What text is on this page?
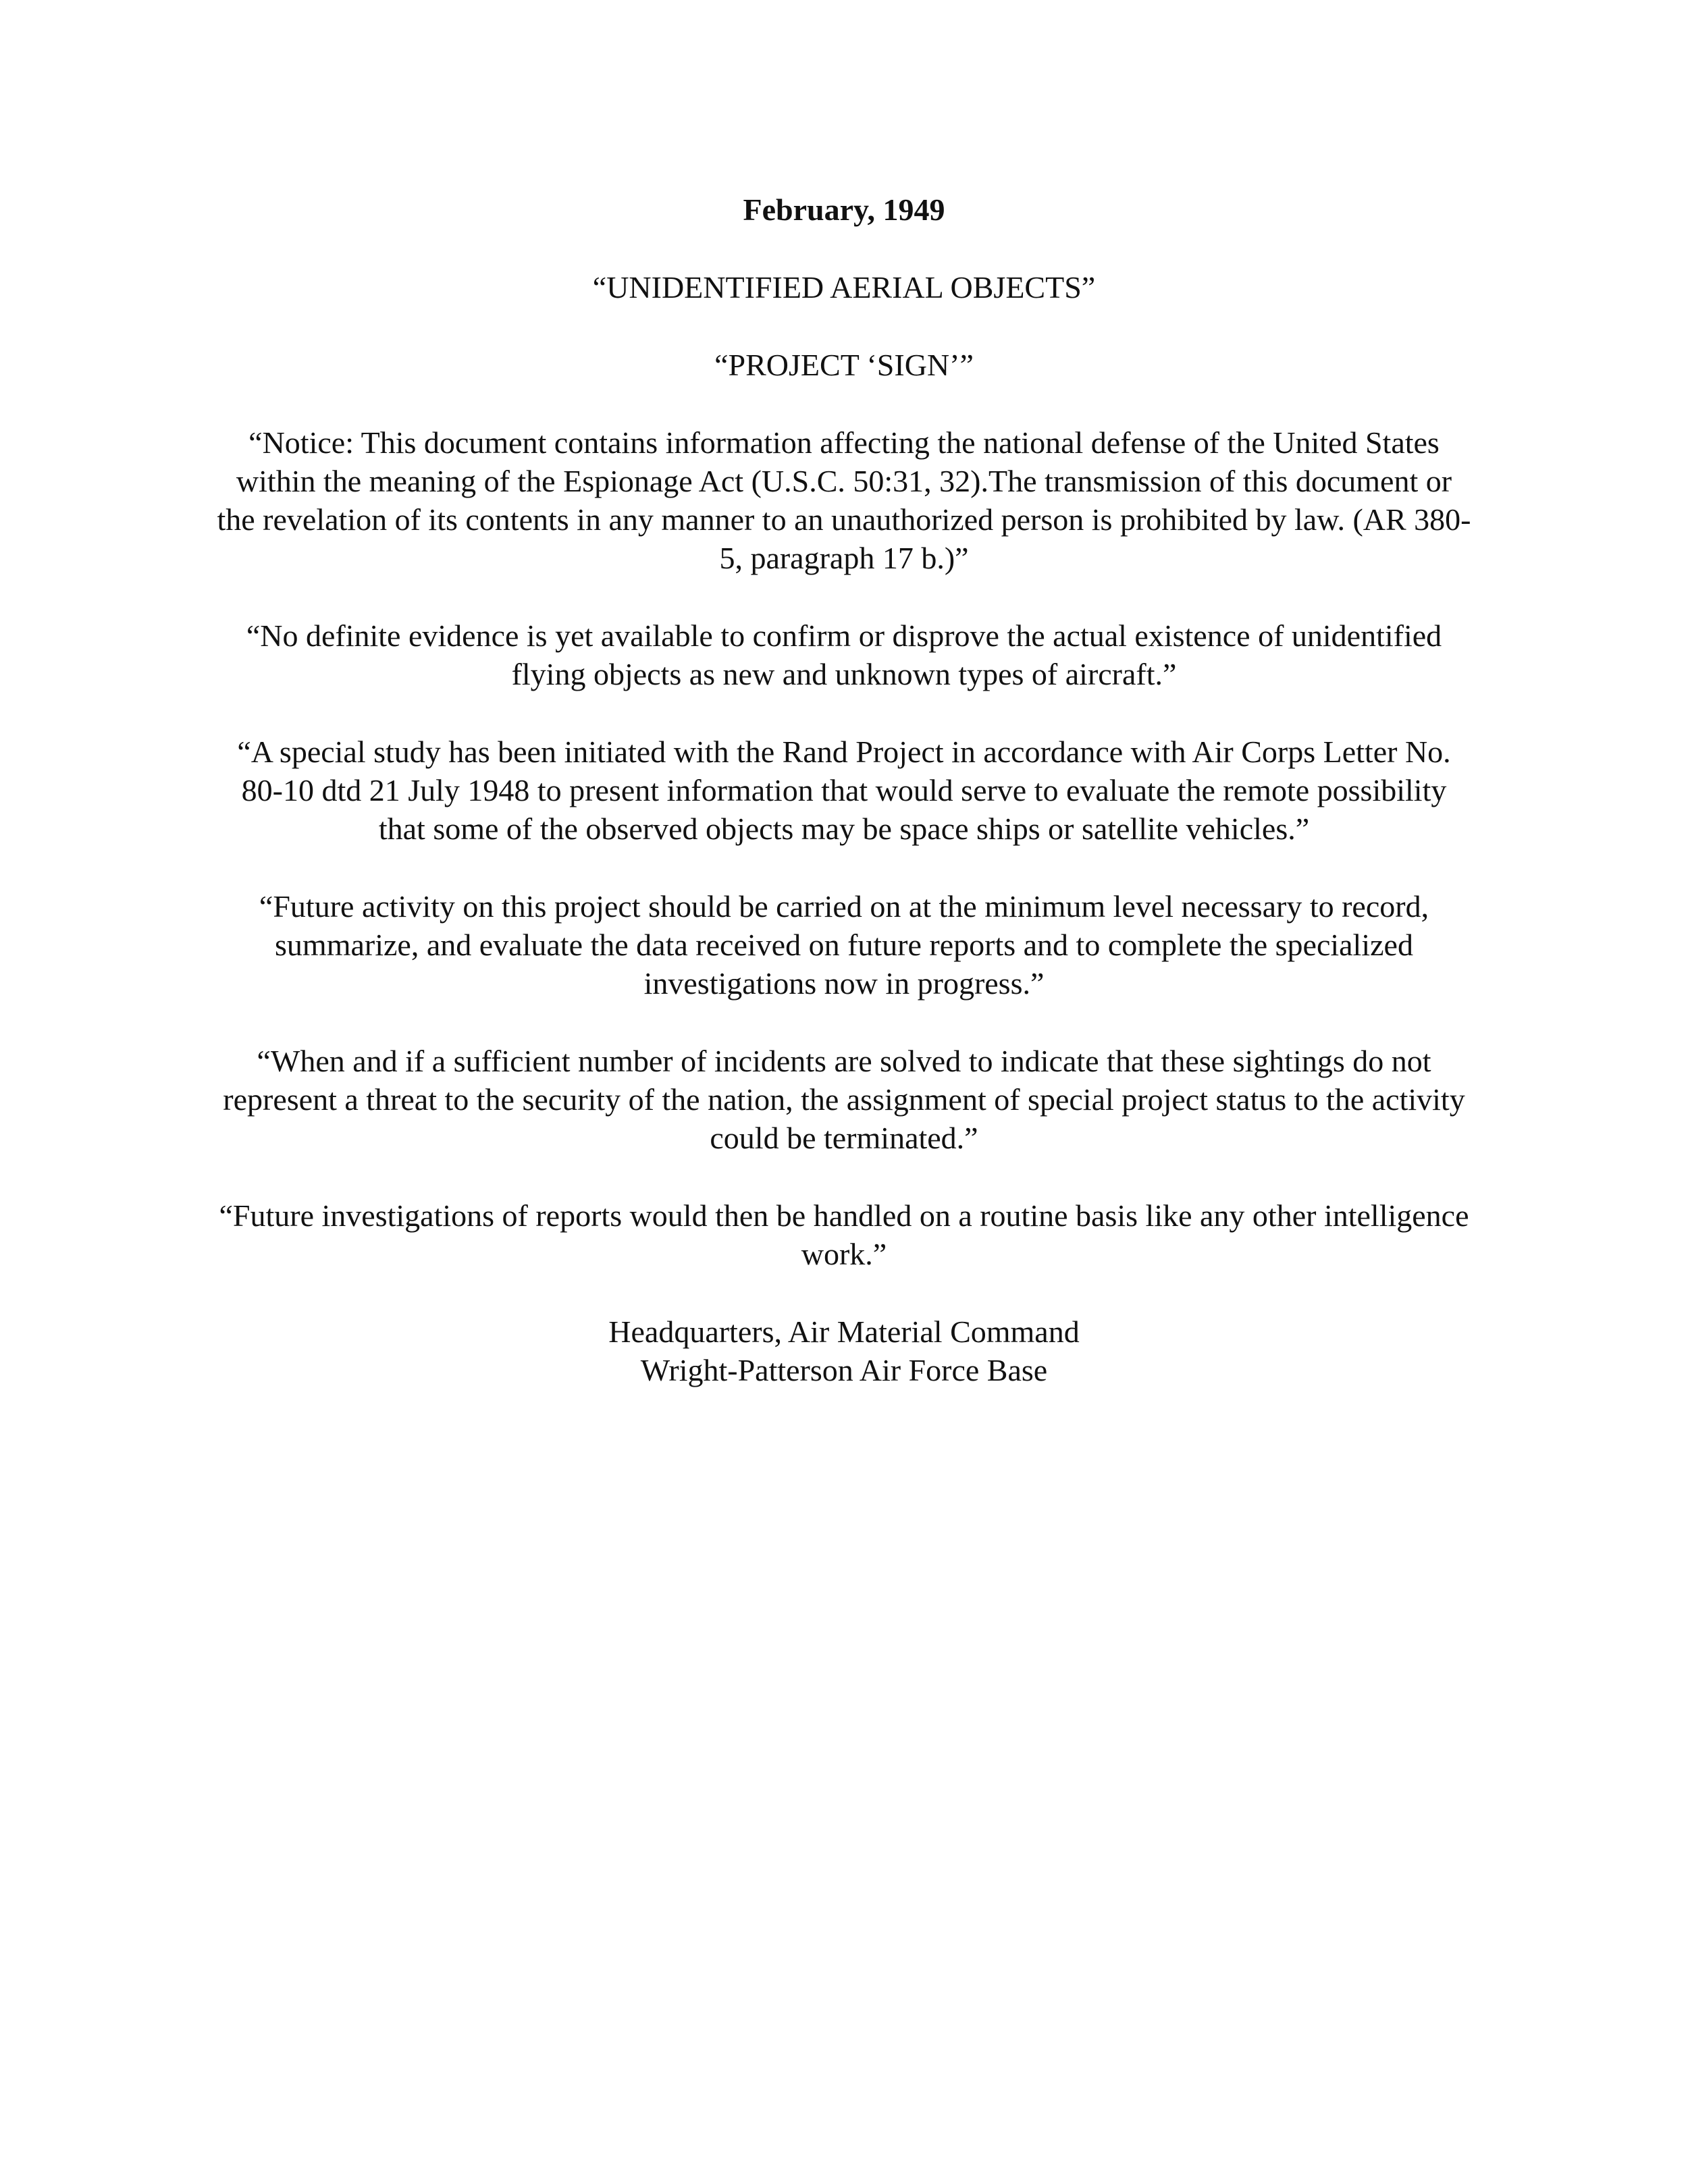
February, 1949

“UNIDENTIFIED AERIAL OBJECTS”

“PROJECT ‘SIGN’”

“Notice: This document contains information affecting the national defense of the United States within the meaning of the Espionage Act (U.S.C. 50:31, 32).The transmission of this document or the revelation of its contents in any manner to an unauthorized person is prohibited by law. (AR 380-5, paragraph 17 b.)”

“No definite evidence is yet available to confirm or disprove the actual existence of unidentified flying objects as new and unknown types of aircraft.”

“A special study has been initiated with the Rand Project in accordance with Air Corps Letter No. 80-10 dtd 21 July 1948 to present information that would serve to evaluate the remote possibility that some of the observed objects may be space ships or satellite vehicles.”

“Future activity on this project should be carried on at the minimum level necessary to record, summarize, and evaluate the data received on future reports and to complete the specialized investigations now in progress.”

“When and if a sufficient number of incidents are solved to indicate that these sightings do not represent a threat to the security of the nation, the assignment of special project status to the activity could be terminated.”

“Future investigations of reports would then be handled on a routine basis like any other intelligence work.”

Headquarters, Air Material Command
Wright-Patterson Air Force Base
